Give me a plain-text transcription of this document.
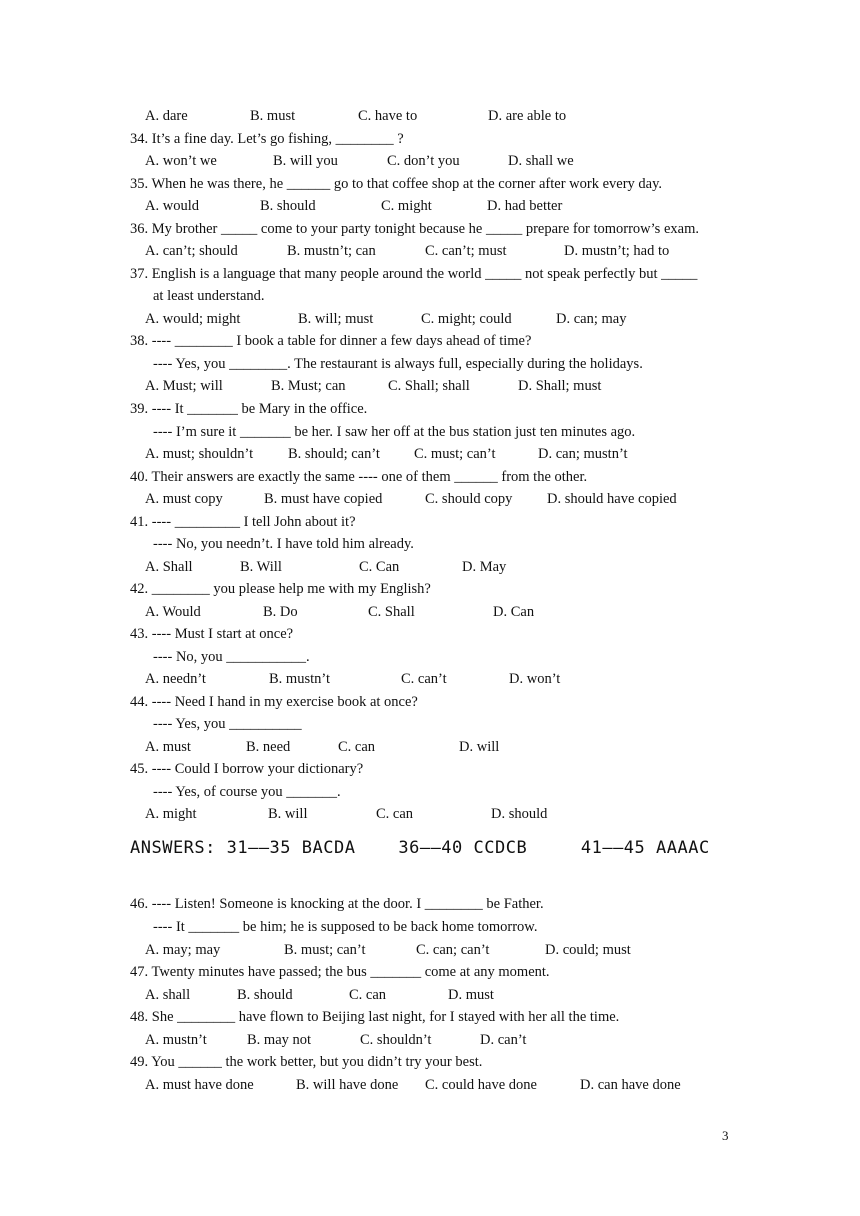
A. dare	B. must	C. have to	D. are able to
34. It’s a fine day. Let’s go fishing, ________ ?
A. won’t we	B. will you	C. don’t you	D. shall we
35. When he was there, he ______ go to that coffee shop at the corner after work every day.
A. would	B. should	C. might	D. had better
36. My brother _____ come to your party tonight because he _____ prepare for tomorrow’s exam.
A. can’t; should	B. mustn’t; can	C. can’t; must	D. mustn’t; had to
37. English is a language that many people around the world _____ not speak perfectly but _____
at least understand.
A. would; might	B. will; must	C. might; could	D. can; may
38. ---- ________ I book a table for dinner a few days ahead of time?
---- Yes, you ________. The restaurant is always full, especially during the holidays.
A. Must; will	B. Must; can	C. Shall; shall	D. Shall; must
39. ---- It _______ be Mary in the office.
---- I’m sure it _______ be her. I saw her off at the bus station just ten minutes ago.
A. must; shouldn’t B. should; can’t C. must; can’t	D. can; mustn’t
40. Their answers are exactly the same ---- one of them ______ from the other.
A. must copy	B. must have copied	C. should copy D. should have copied
41. ---- _________ I tell John about it?
---- No, you needn’t. I have told him already.
A. Shall	B. Will	C. Can	D. May
42. ________ you please help me with my English?
A. Would	B. Do	C. Shall	D. Can
43. ---- Must I start at once?
---- No, you ___________.
A. needn’t	B. mustn’t	C. can’t	D. won’t
44. ---- Need I hand in my exercise book at once?
---- Yes, you __________
A. must	B. need	C. can	D. will
45. ---- Could I borrow your dictionary?
---- Yes, of course you _______.
A. might	B. will	C. can	D. should
46. ---- Listen! Someone is knocking at the door. I ________ be Father.
---- It _______ be him; he is supposed to be back home tomorrow.
A. may; may	B. must; can’t	C. can; can’t	D. could; must
47. Twenty minutes have passed; the bus _______ come at any moment.
A. shall	B. should	C. can	D. must
48. She ________ have flown to Beijing last night, for I stayed with her all the time.
A. mustn’t	B. may not	C. shouldn’t	D. can’t
49. You ______ the work better, but you didn’t try your best.
A. must have done	B. will have done C. could have done	D. can have done
ANSWERS: 31——35 BACDA    36——40 CCDCB     41——45 AAAAC
3
